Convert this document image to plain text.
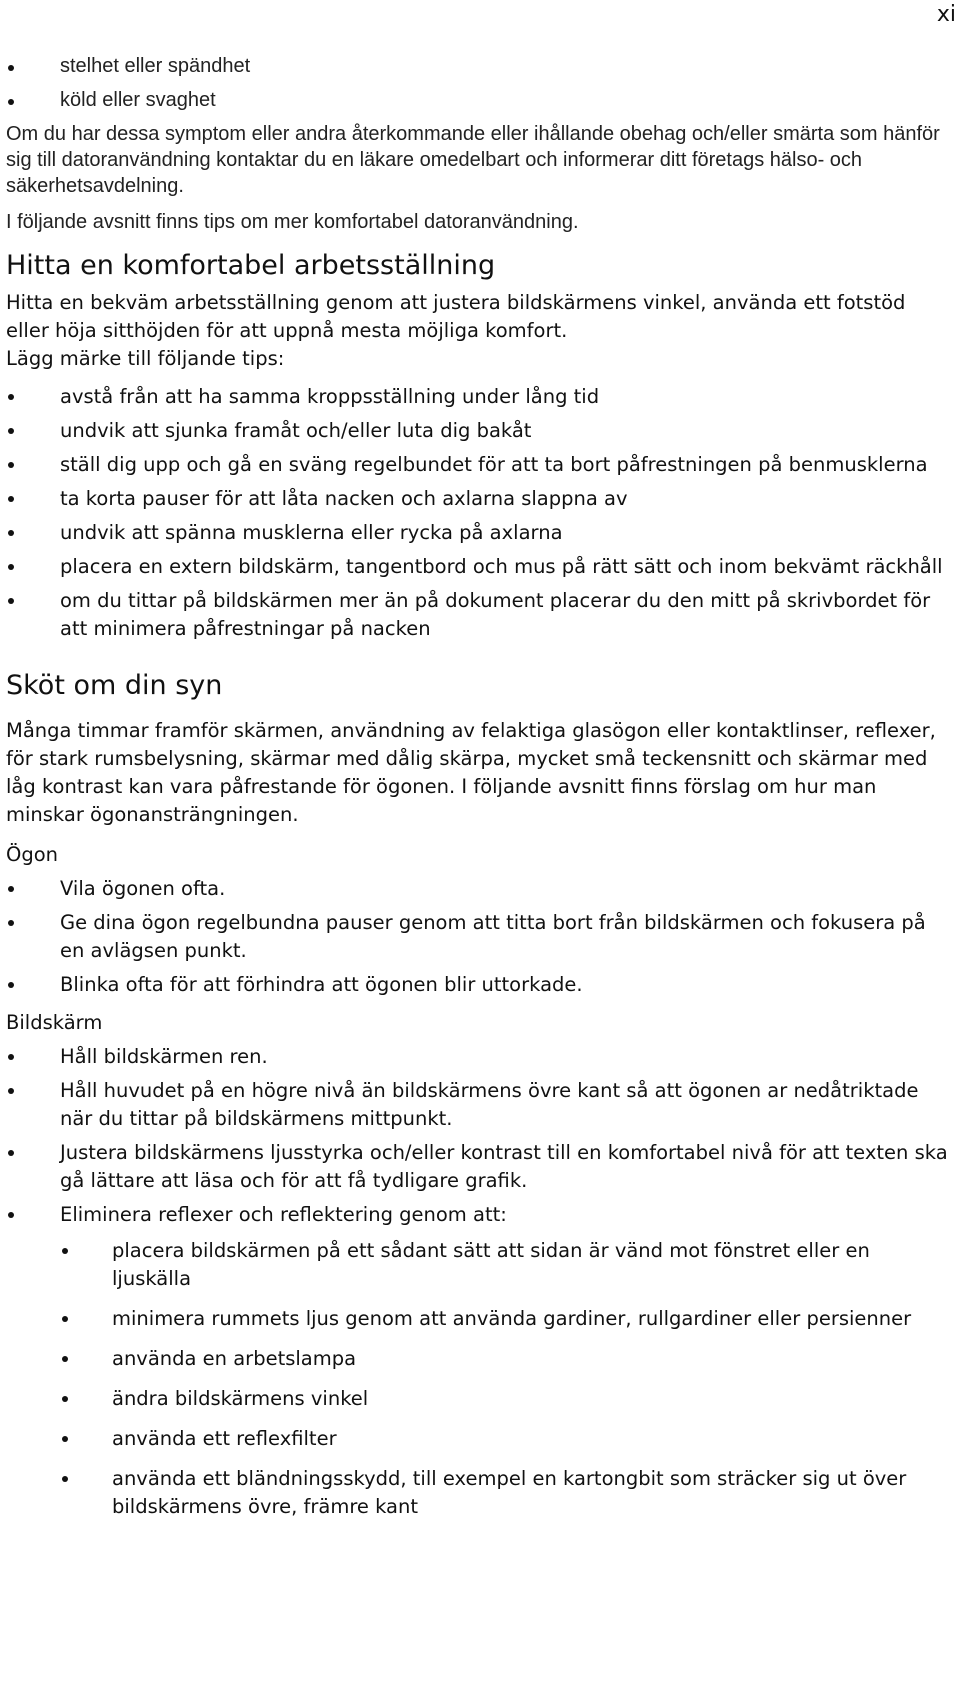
xi

stelhet eller spändhet
köld eller svaghet

Om du har dessa symptom eller andra återkommande eller ihållande obehag och/eller smärta som hänför sig till datoranvändning kontaktar du en läkare omedelbart och informerar ditt företags hälso- och säkerhetsavdelning.

I följande avsnitt finns tips om mer komfortabel datoranvändning.

Hitta en komfortabel arbetsställning

Hitta en bekväm arbetsställning genom att justera bildskärmens vinkel, använda ett fotstöd eller höja sitthöjden för att uppnå mesta möjliga komfort.

Lägg märke till följande tips:

avstå från att ha samma kroppsställning under lång tid
undvik att sjunka framåt och/eller luta dig bakåt
ställ dig upp och gå en sväng regelbundet för att ta bort påfrestningen på benmusklerna
ta korta pauser för att låta nacken och axlarna slappna av
undvik att spänna musklerna eller rycka på axlarna
placera en extern bildskärm, tangentbord och mus på rätt sätt och inom bekvämt räckhåll
om du tittar på bildskärmen mer än på dokument placerar du den mitt på skrivbordet för att minimera påfrestningar på nacken
Sköt om din syn

Många timmar framför skärmen, användning av felaktiga glasögon eller kontaktlinser, reflexer, för stark rumsbelysning, skärmar med dålig skärpa, mycket små teckensnitt och skärmar med låg kontrast kan vara påfrestande för ögonen. I följande avsnitt finns förslag om hur man minskar ögonansträngningen.

Ögon

Vila ögonen ofta.
Ge dina ögon regelbundna pauser genom att titta bort från bildskärmen och fokusera på en avlägsen punkt.
Blinka ofta för att förhindra att ögonen blir uttorkade.

Bildskärm

Håll bildskärmen ren.
Håll huvudet på en högre nivå än bildskärmens övre kant så att ögonen ar nedåtriktade när du tittar på bildskärmens mittpunkt.
Justera bildskärmens ljusstyrka och/eller kontrast till en komfortabel nivå för att texten ska gå lättare att läsa och för att få tydligare grafik.
Eliminera reflexer och reflektering genom att:
placera bildskärmen på ett sådant sätt att sidan är vänd mot fönstret eller en ljuskälla
minimera rummets ljus genom att använda gardiner, rullgardiner eller persienner
använda en arbetslampa
ändra bildskärmens vinkel
använda ett reflexfilter
använda ett bländningsskydd, till exempel en kartongbit som sträcker sig ut över bildskärmens övre, främre kant
